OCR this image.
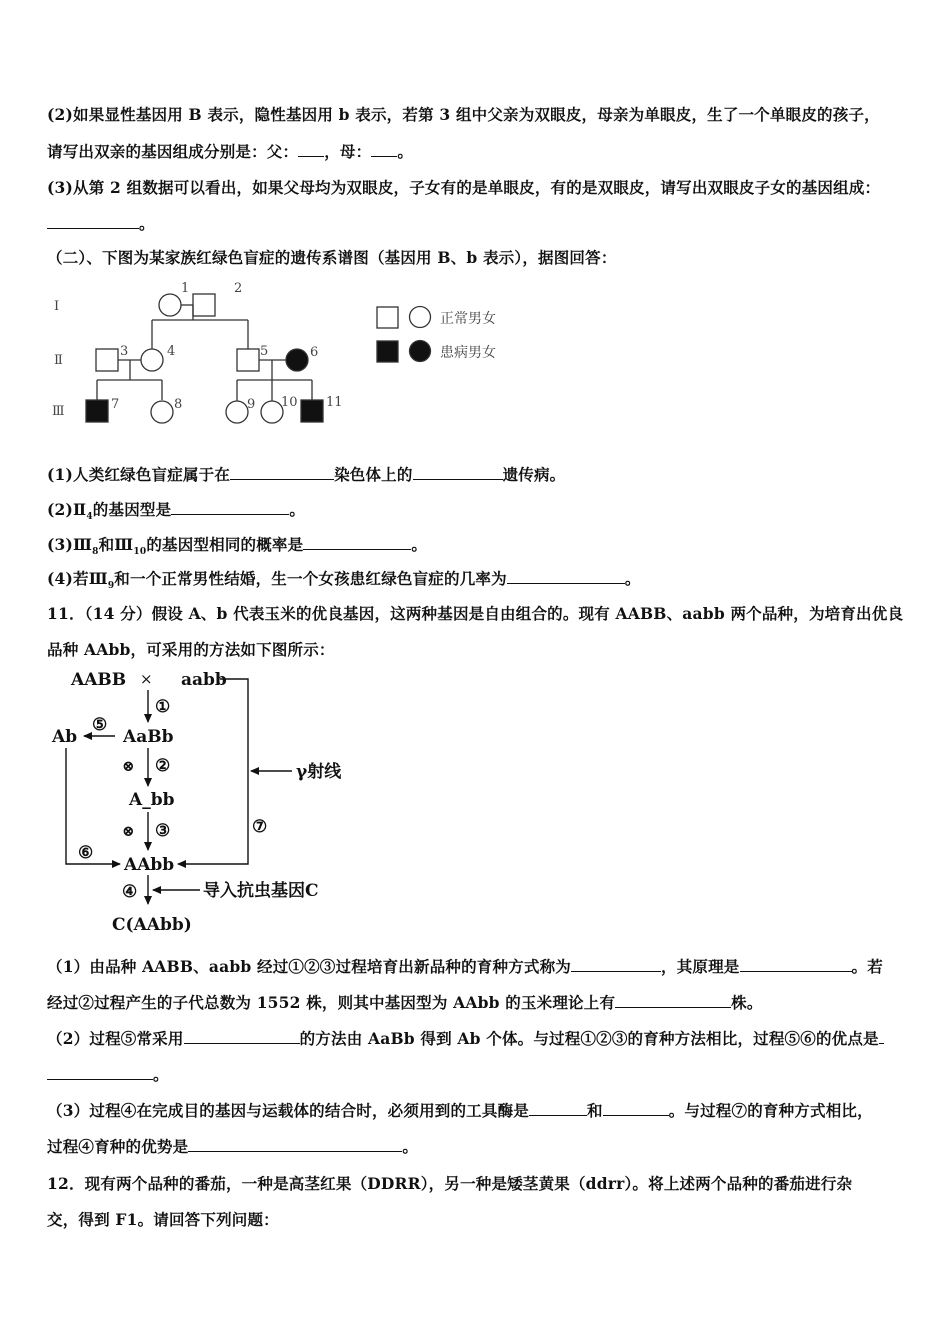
(2)如果显性基因用 B 表示，隐性基因用 b 表示，若第 3 组中父亲为双眼皮，母亲为单眼皮，生了一个单眼皮的孩子，
请写出双亲的基因组成分别是：父： ，母： 。
(3)从第 2 组数据可以看出，如果父母均为双眼皮，子女有的是单眼皮，有的是双眼皮，请写出双眼皮子女的基因组成：
。
（二）、下图为某家族红绿色盲症的遗传系谱图（基因用 B、b 表示），据图回答：
Ⅰ
Ⅱ
Ⅲ
1	2
3	4	5	6
7	8	9 10 11
正常男女
患病男女
(1)人类红绿色盲症属于在	染色体上的	遗传病。
$(2)Ⅱ_4$的基因型是	。
$(3)Ⅲ_8$和$Ⅲ_{10}$的基因型相同的概率是	。
(4)若$Ⅲ_9$和一个正常男性结婚，生一个女孩患红绿色盲症的几率为	。
11．（14 分）假设 A、b 代表玉米的优良基因，这两种基因是自由组合的。现有 AABB、aabb 两个品种，为培育出优良
品种 AAbb，可采用的方法如下图所示：
AABB × aabb
①
AaBb
⑤
Ab
⊗ ②
A_bb
⊗ ③
γ射线
⑦
⑥
AAbb
④	导入抗虫基因C
C(AAbb)
（1）由品种 AABB、aabb 经过①②③过程培育出新品种的育种方式称为	，其原理是	。若
经过②过程产生的子代总数为 1552 株，则其中基因型为 AAbb 的玉米理论上有	株。
（2）过程⑤常采用	的方法由 AaBb 得到 Ab 个体。与过程①②③的育种方法相比，过程⑤⑥的优点是
。
（3）过程④在完成目的基因与运载体的结合时，必须用到的工具酶是	和	。与过程⑦的育种方式相比，
过程④育种的优势是	。
12．现有两个品种的番茄，一种是高茎红果（DDRR），另一种是矮茎黄果（ddrr）。将上述两个品种的番茄进行杂
交，得到 F1。请回答下列问题：
